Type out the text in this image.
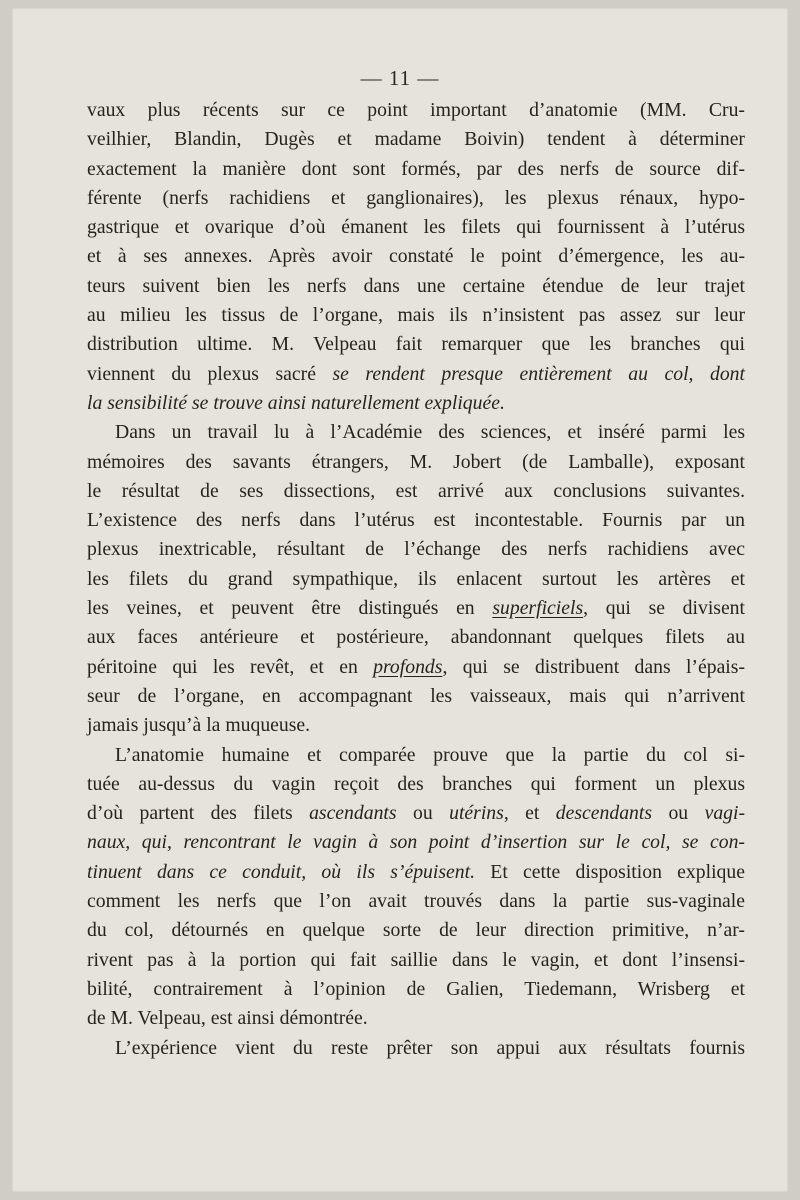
— 11 —
vaux plus récents sur ce point important d’anatomie (MM. Cru-
veilhier, Blandin, Dugès et madame Boivin) tendent à déterminer
exactement la manière dont sont formés, par des nerfs de source dif-
férente (nerfs rachidiens et ganglionaires), les plexus rénaux, hypo-
gastrique et ovarique d’où émanent les filets qui fournissent à l’utérus
et à ses annexes. Après avoir constaté le point d’émergence, les au-
teurs suivent bien les nerfs dans une certaine étendue de leur trajet
au milieu les tissus de l’organe, mais ils n’insistent pas assez sur leur
distribution ultime. M. Velpeau fait remarquer que les branches qui
viennent du plexus sacré se rendent presque entièrement au col, dont
la sensibilité se trouve ainsi naturellement expliquée.
Dans un travail lu à l’Académie des sciences, et inséré parmi les
mémoires des savants étrangers, M. Jobert (de Lamballe), exposant
le résultat de ses dissections, est arrivé aux conclusions suivantes.
L’existence des nerfs dans l’utérus est incontestable. Fournis par un
plexus inextricable, résultant de l’échange des nerfs rachidiens avec
les filets du grand sympathique, ils enlacent surtout les artères et
les veines, et peuvent être distingués en superficiels, qui se divisent
aux faces antérieure et postérieure, abandonnant quelques filets au
péritoine qui les revêt, et en profonds, qui se distribuent dans l’épais-
seur de l’organe, en accompagnant les vaisseaux, mais qui n’arrivent
jamais jusqu’à la muqueuse.
L’anatomie humaine et comparée prouve que la partie du col si-
tuée au-dessus du vagin reçoit des branches qui forment un plexus
d’où partent des filets ascendants ou utérins, et descendants ou vagi-
naux, qui, rencontrant le vagin à son point d’insertion sur le col, se con-
tinuent dans ce conduit, où ils s’épuisent. Et cette disposition explique
comment les nerfs que l’on avait trouvés dans la partie sus-vaginale
du col, détournés en quelque sorte de leur direction primitive, n’ar-
rivent pas à la portion qui fait saillie dans le vagin, et dont l’insensi-
bilité, contrairement à l’opinion de Galien, Tiedemann, Wrisberg et
de M. Velpeau, est ainsi démontrée.
L’expérience vient du reste prêter son appui aux résultats fournis
